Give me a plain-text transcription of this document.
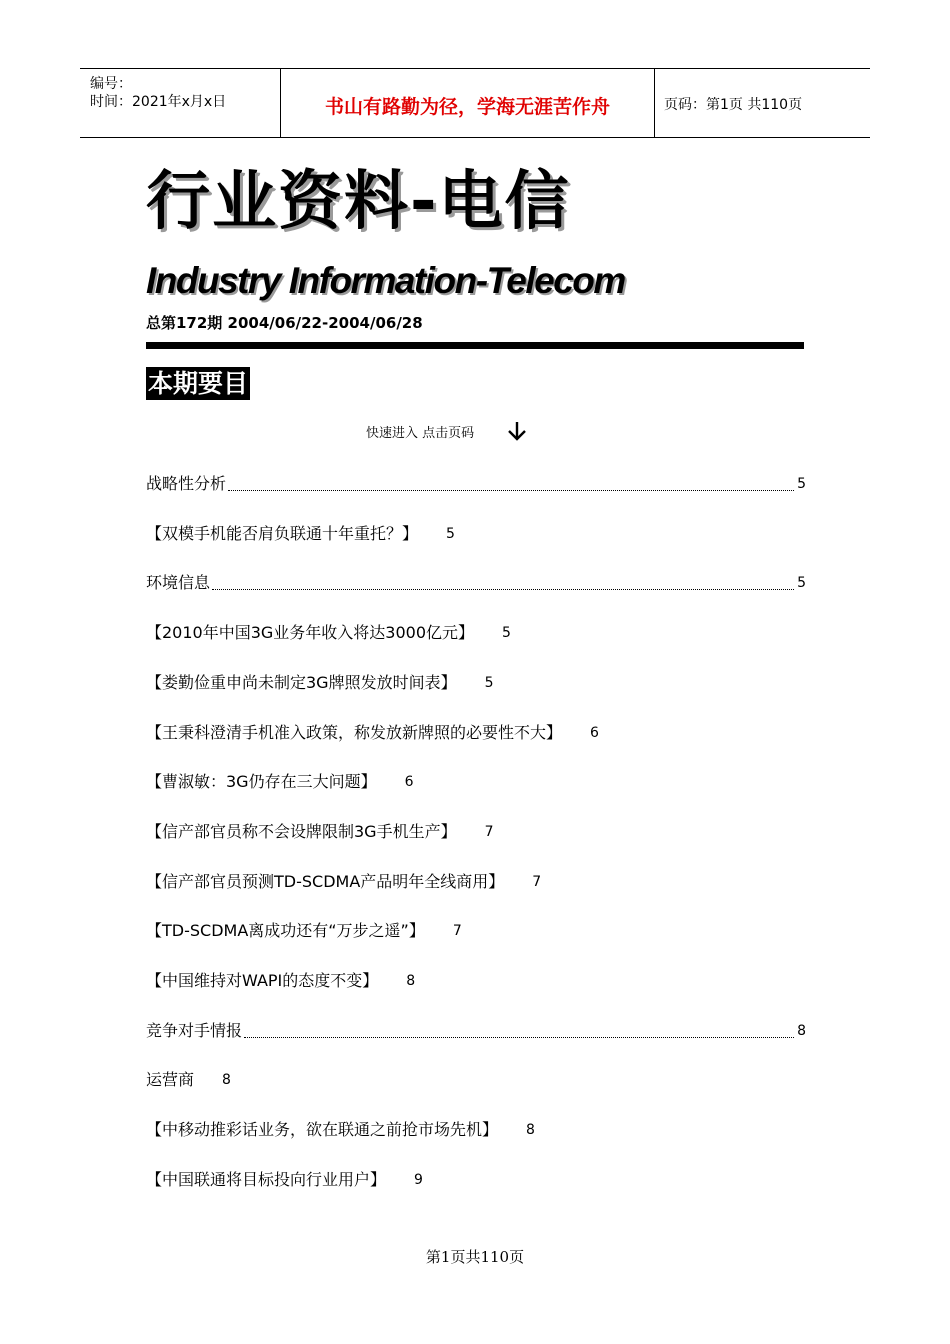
编号：
时间：2021年x月x日	书山有路勤为径，学海无涯苦作舟	页码：第1页 共110页
行业资料-电信
Industry Information-Telecom
总第172期 2004/06/22-2004/06/28
本期要目
快速进入 点击页码
战略性分析	5
【双模手机能否肩负联通十年重托？】 5
环境信息	5
【2010年中国3G业务年收入将达3000亿元】 5
【娄勤俭重申尚未制定3G牌照发放时间表】 5
【王秉科澄清手机准入政策，称发放新牌照的必要性不大】 6
【曹淑敏：3G仍存在三大问题】 6
【信产部官员称不会设牌限制3G手机生产】 7
【信产部官员预测TD-SCDMA产品明年全线商用】 7
【TD-SCDMA离成功还有“万步之遥”】 7
【中国维持对WAPI的态度不变】 8
竞争对手情报	8
运营商 8
【中移动推彩话业务，欲在联通之前抢市场先机】 8
【中国联通将目标投向行业用户】 9
第1页共110页
